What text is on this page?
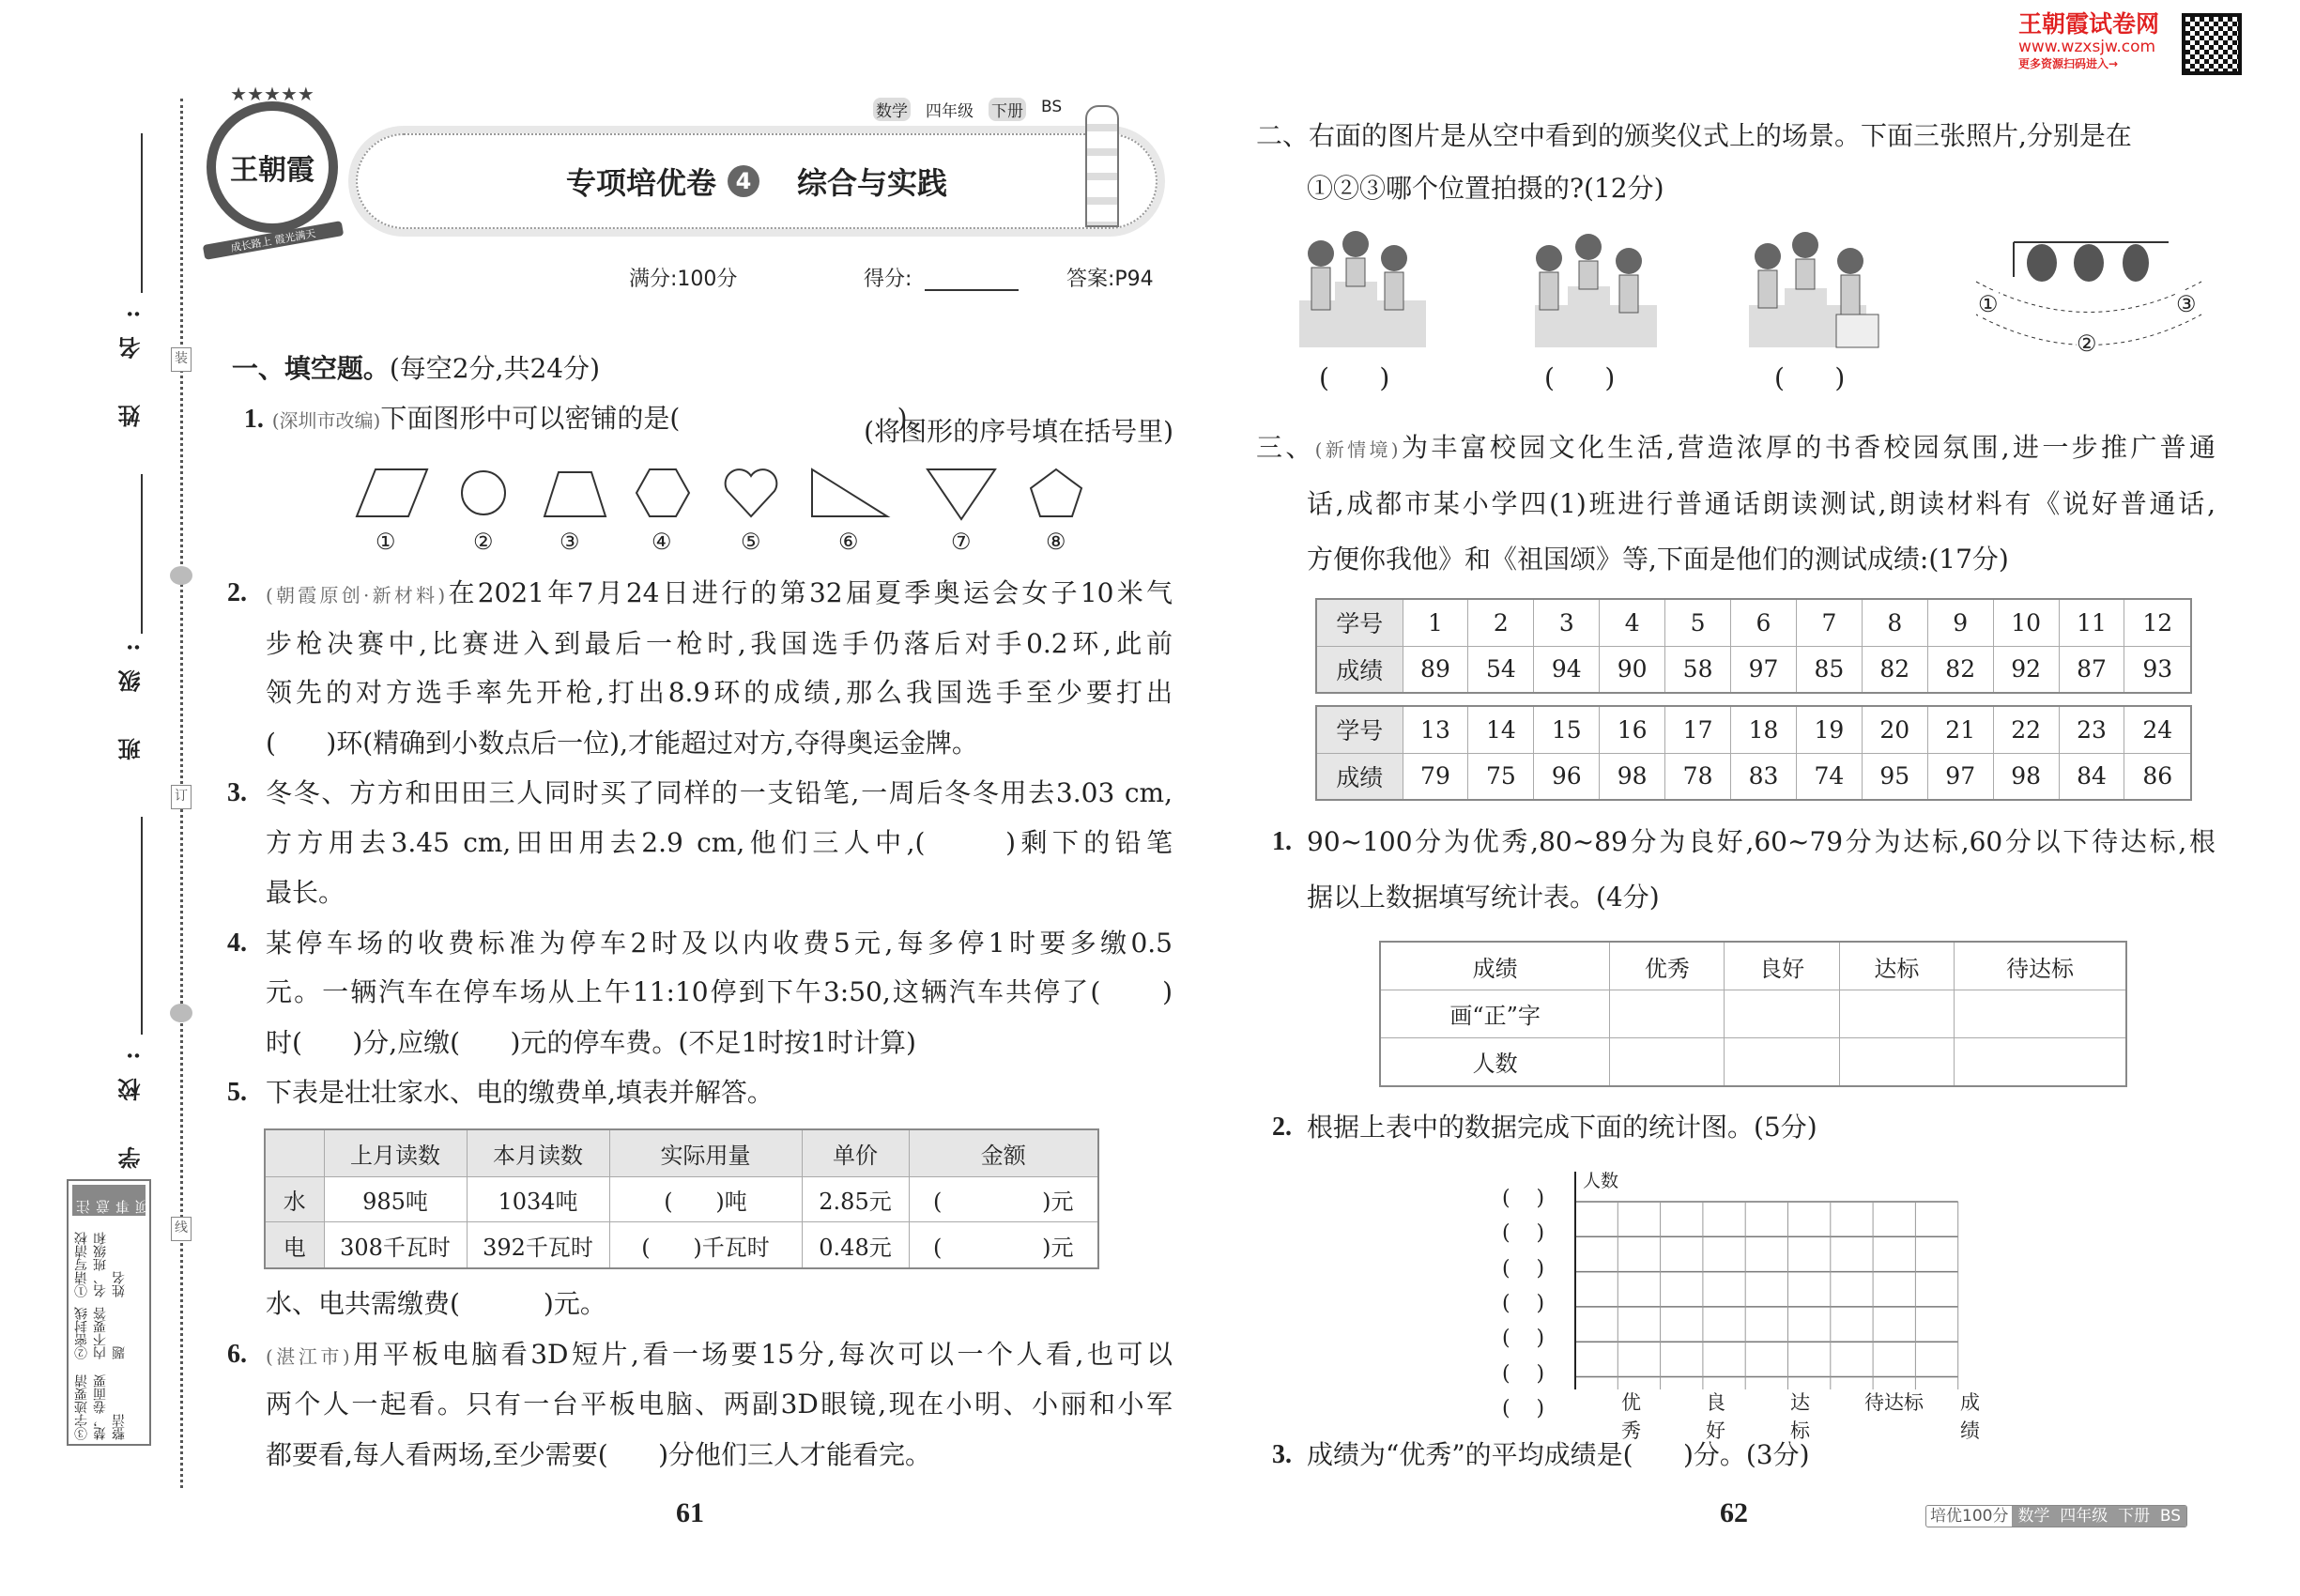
装
订
线
姓 名:
班 级:
学 校:
注意事项
①请写清校名、班级和姓名
②密封线内不要答题
③字迹要清楚，卷面要整洁
★★★★★
王朝霞
成长路上 霞光满天
数学 四年级 下册 BS
专项培优卷 4 综合与实践
满分:100分	得分:	答案:P94

一、填空题。(每空2分,共24分)

1. (深圳市改编)下面图形中可以密铺的是(                          )。

(将图形的序号填在括号里)
①	②	③	④	⑤	⑥	⑦	⑧
2. (朝霞原创·新材料)在2021年7月24日进行的第32届夏季奥运会女子10米气
步枪决赛中,比赛进入到最后一枪时,我国选手仍落后对手0.2环,此前
领先的对方选手率先开枪,打出8.9环的成绩,那么我国选手至少要打出
(      )环(精确到小数点后一位),才能超过对方,夺得奥运金牌。
3. 冬冬、方方和田田三人同时买了同样的一支铅笔,一周后冬冬用去3.03 cm,
方方用去3.45 cm,田田用去2.9 cm,他们三人中,(      )剩下的铅笔
最长。
4. 某停车场的收费标准为停车2时及以内收费5元,每多停1时要多缴0.5
元。一辆汽车在停车场从上午11:10停到下午3:50,这辆汽车共停了(      )
时(      )分,应缴(      )元的停车费。(不足1时按1时计算)
5. 下表是壮壮家水、电的缴费单,填表并解答。
	上月读数	本月读数	实际用量	单价	金额
水	985吨	1034吨	(      )吨	2.85元	(              )元
电	308千瓦时	392千瓦时	(      )千瓦时	0.48元	(              )元
水、电共需缴费(          )元。
6. (湛江市)用平板电脑看3D短片,看一场要15分,每次可以一个人看,也可以
两个人一起看。只有一台平板电脑、两副3D眼镜,现在小明、小丽和小军
都要看,每人看两场,至少需要(      )分他们三人才能看完。
61
王朝霞试卷网
www.wzxsjw.com
更多资源扫码进入→
二、右面的图片是从空中看到的颁奖仪式上的场景。下面三张照片,分别是在
①②③哪个位置拍摄的?(12分)
(      )	(      )	(      )
①
②
③
三、(新情境)为丰富校园文化生活,营造浓厚的书香校园氛围,进一步推广普通
话,成都市某小学四(1)班进行普通话朗读测试,朗读材料有《说好普通话,
方便你我他》和《祖国颂》等,下面是他们的测试成绩:(17分)
学号	1	2	3	4	5	6	7	8	9	10	11	12
成绩	89	54	94	90	58	97	85	82	82	92	87	93
学号	13	14	15	16	17	18	19	20	21	22	23	24
成绩	79	75	96	98	78	83	74	95	97	98	84	86
1. 90~100分为优秀,80~89分为良好,60~79分为达标,60分以下待达标,根
据以上数据填写统计表。(4分)
成绩	优秀	良好	达标	待达标
画“正”字				
人数				
2. 根据上表中的数据完成下面的统计图。(5分)
人数
(    )
(    )
(    )
(    )
(    )
(    )
(    )	优秀
良好
达标
待达标 成绩
3. 成绩为“优秀”的平均成绩是(      )分。(3分)
62	培优100分 数学  四年级  下册  BS
